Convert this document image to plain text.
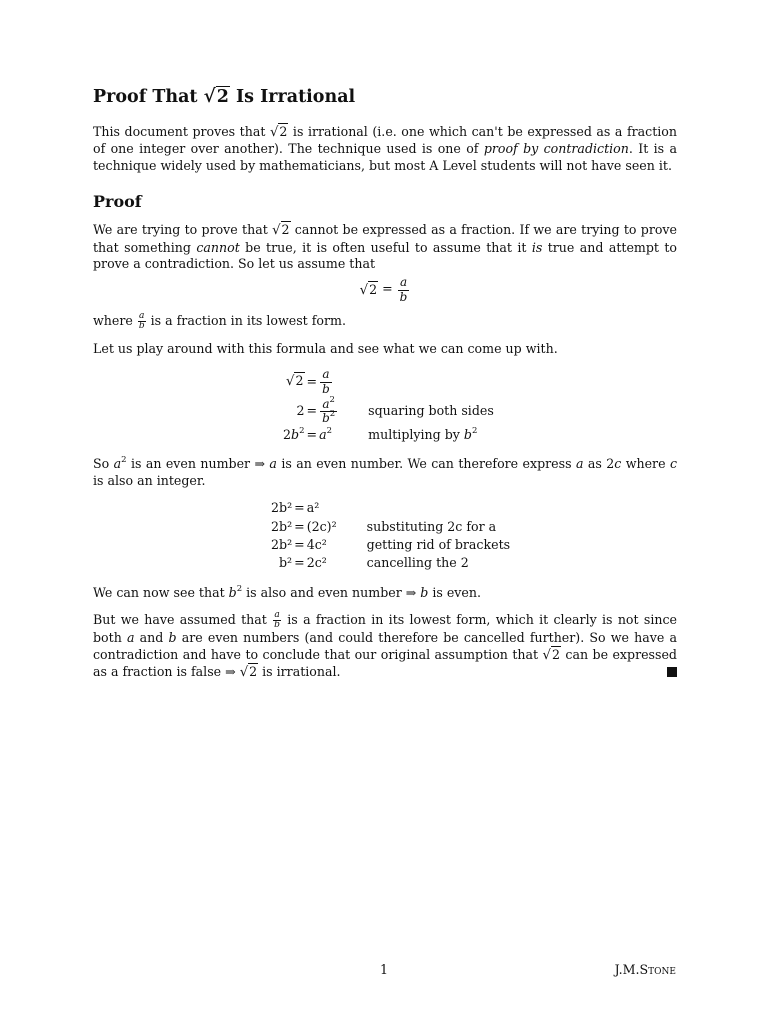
Proof That √2 Is Irrational

This document proves that √2 is irrational (i.e. one which can't be expressed as a fraction of one integer over another). The technique used is one of proof by contradiction. It is a technique widely used by mathematicians, but most A Level students will not have seen it.

Proof

We are trying to prove that √2 cannot be expressed as a fraction. If we are trying to prove that something cannot be true, it is often useful to assume that it is true and attempt to prove a contradiction. So let us assume that

$√2 = \frac{a}{b}$

where $\frac{a}{b}$ is a fraction in its lowest form.

Let us play around with this formula and see what we can come up with.

√2	=	$\frac{a}{b}$

2	=	$\frac{a^2}{b^2}$	squaring both sides
$2b^2$	=	$a^2$	multiplying by $b^2$

So $a^2$ is an even number ⇒ a is an even number. We can therefore express a as 2c where c is also an integer.

2b²	=	a²	
2b²	=	(2c)²	substituting 2c for a
2b²	=	4c²	getting rid of brackets
b²	=	2c²	cancelling the 2

We can now see that $b^2$ is also and even number ⇒ b is even.

But we have assumed that $\frac{a}{b}$ is a fraction in its lowest form, which it clearly is not since both a and b are even numbers (and could therefore be cancelled further). So we have a contradiction and have to conclude that our original assumption that √2 can be expressed as a fraction is false ⇒ √2 is irrational.

1	J.M.Stone
